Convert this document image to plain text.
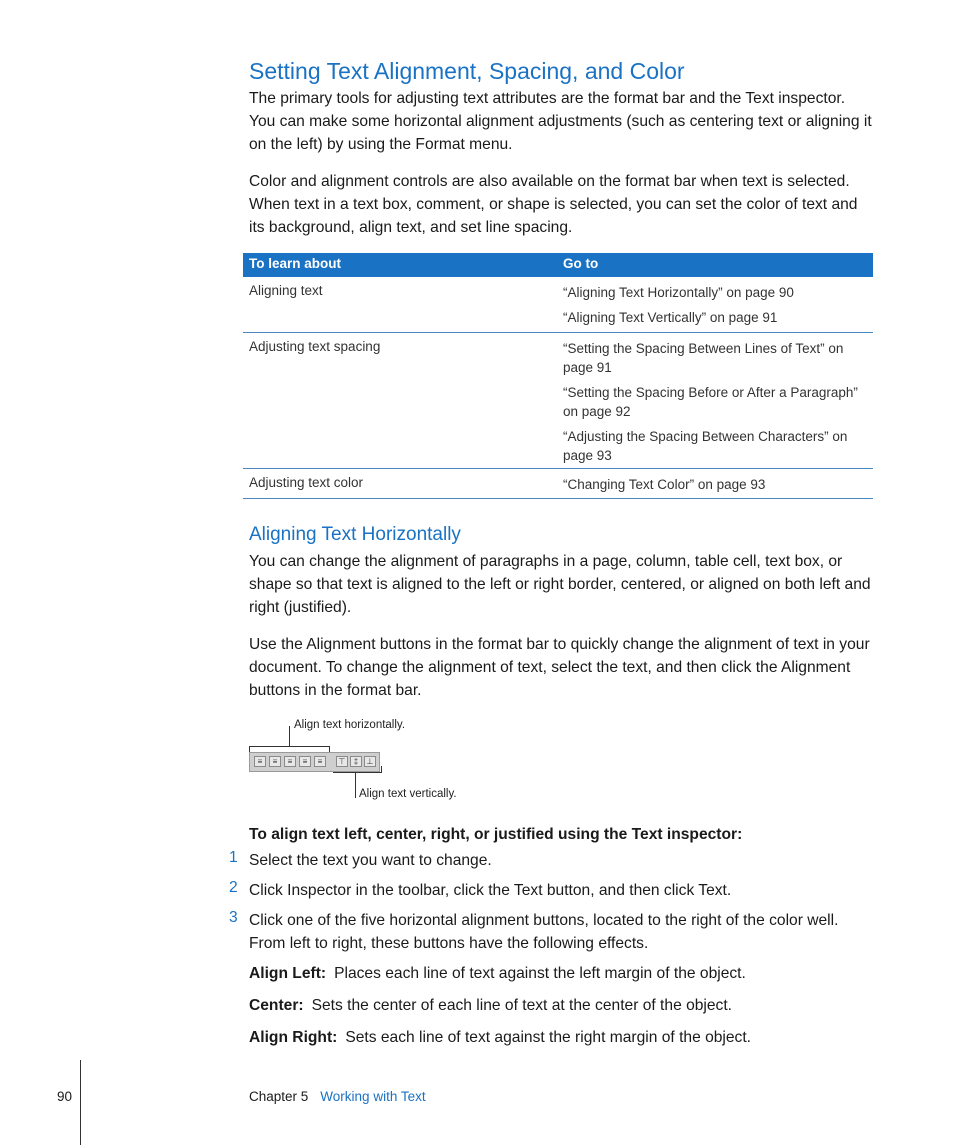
Setting Text Alignment, Spacing, and Color
The primary tools for adjusting text attributes are the format bar and the Text inspector. You can make some horizontal alignment adjustments (such as centering text or aligning it on the left) by using the Format menu.
Color and alignment controls are also available on the format bar when text is selected. When text in a text box, comment, or shape is selected, you can set the color of text and its background, align text, and set line spacing.
To learn about	Go to
Aligning text	“Aligning Text Horizontally” on page 90
“Aligning Text Vertically” on page 91
Adjusting text spacing	“Setting the Spacing Between Lines of Text” on page 91
“Setting the Spacing Before or After a Paragraph” on page 92
“Adjusting the Spacing Between Characters” on page 93
Adjusting text color	“Changing Text Color” on page 93
Aligning Text Horizontally
You can change the alignment of paragraphs in a page, column, table cell, text box, or shape so that text is aligned to the left or right border, centered, or aligned on both left and right (justified).
Use the Alignment buttons in the format bar to quickly change the alignment of text in your document. To change the alignment of text, select the text, and then click the Alignment buttons in the format bar.
Align text horizontally.
≡	≡	≡	≡	≡	⊤	‡	⊥
Align text vertically.
To align text left, center, right, or justified using the Text inspector:
1 Select the text you want to change.
2 Click Inspector in the toolbar, click the Text button, and then click Text.
3 Click one of the five horizontal alignment buttons, located to the right of the color well. From left to right, these buttons have the following effects.
Align Left: Places each line of text against the left margin of the object.
Center: Sets the center of each line of text at the center of the object.
Align Right: Sets each line of text against the right margin of the object.
90	Chapter 5 Working with Text
